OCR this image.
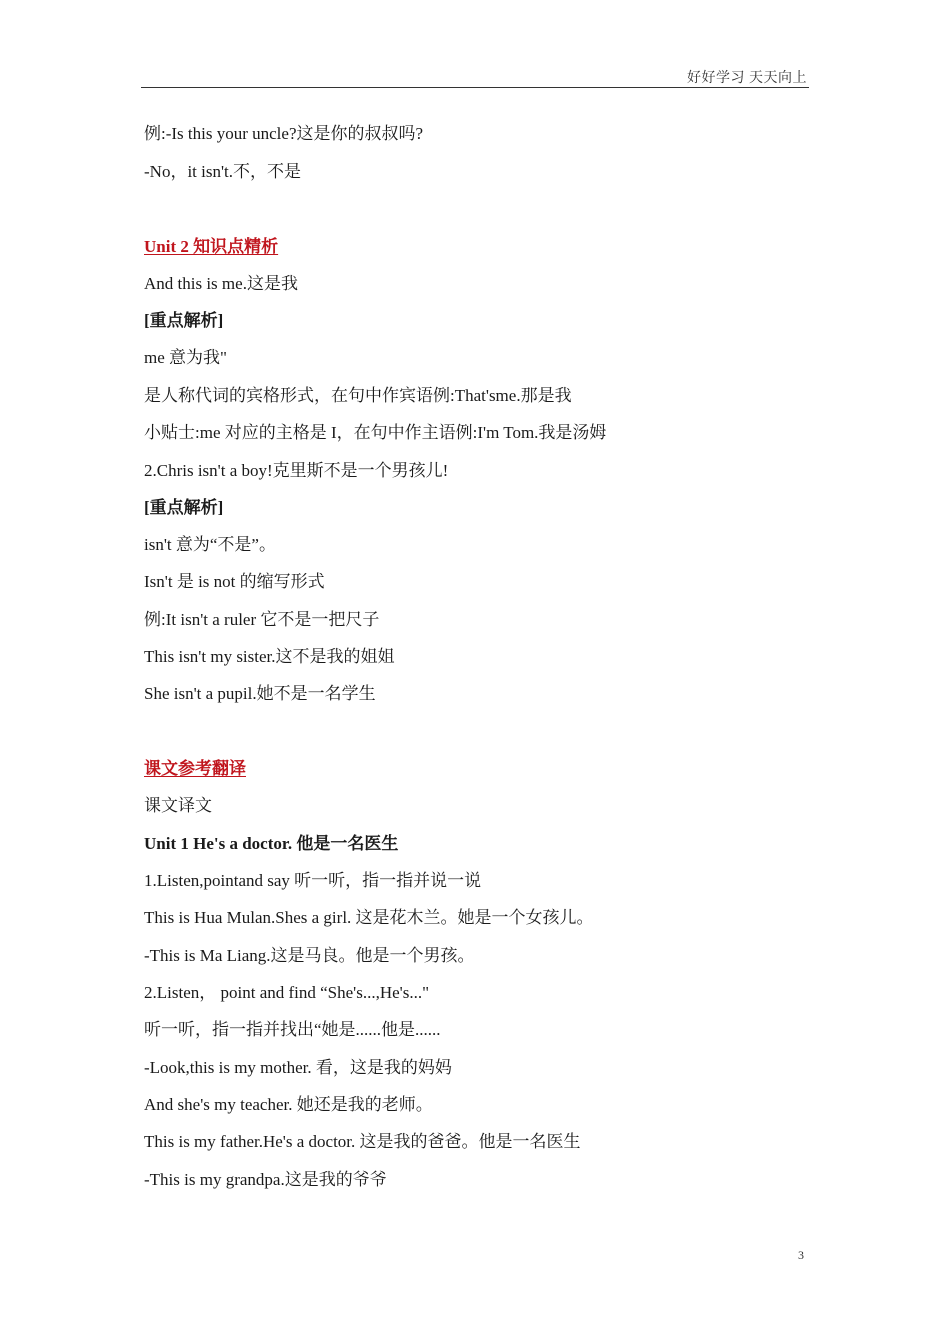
好好学习 天天向上

例:-Is this your uncle?这是你的叔叔吗?

-No，it isn't.不，不是

Unit 2 知识点精析

And this is me.这是我

[重点解析]

me 意为我"

是人称代词的宾格形式，在句中作宾语例:That'sme.那是我

小贴士:me 对应的主格是 I，在句中作主语例:I'm Tom.我是汤姆

2.Chris isn't a boy!克里斯不是一个男孩儿!

[重点解析]

isn't 意为“不是”。

Isn't 是 is not 的缩写形式

例:It isn't a ruler 它不是一把尺子

This isn't my sister.这不是我的姐姐

She isn't a pupil.她不是一名学生

课文参考翻译

课文译文

Unit 1 He's a doctor. 他是一名医生

1.Listen,pointand say 听一听，指一指并说一说

This is Hua Mulan.Shes a girl. 这是花木兰。她是一个女孩儿。

-This is Ma Liang.这是马良。他是一个男孩。

2.Listen， point and find “She's...,He's..."

听一听，指一指并找出“她是......他是......

-Look,this is my mother. 看，这是我的妈妈

And she's my teacher. 她还是我的老师。

This is my father.He's a doctor. 这是我的爸爸。他是一名医生

-This is my grandpa.这是我的爷爷

3
